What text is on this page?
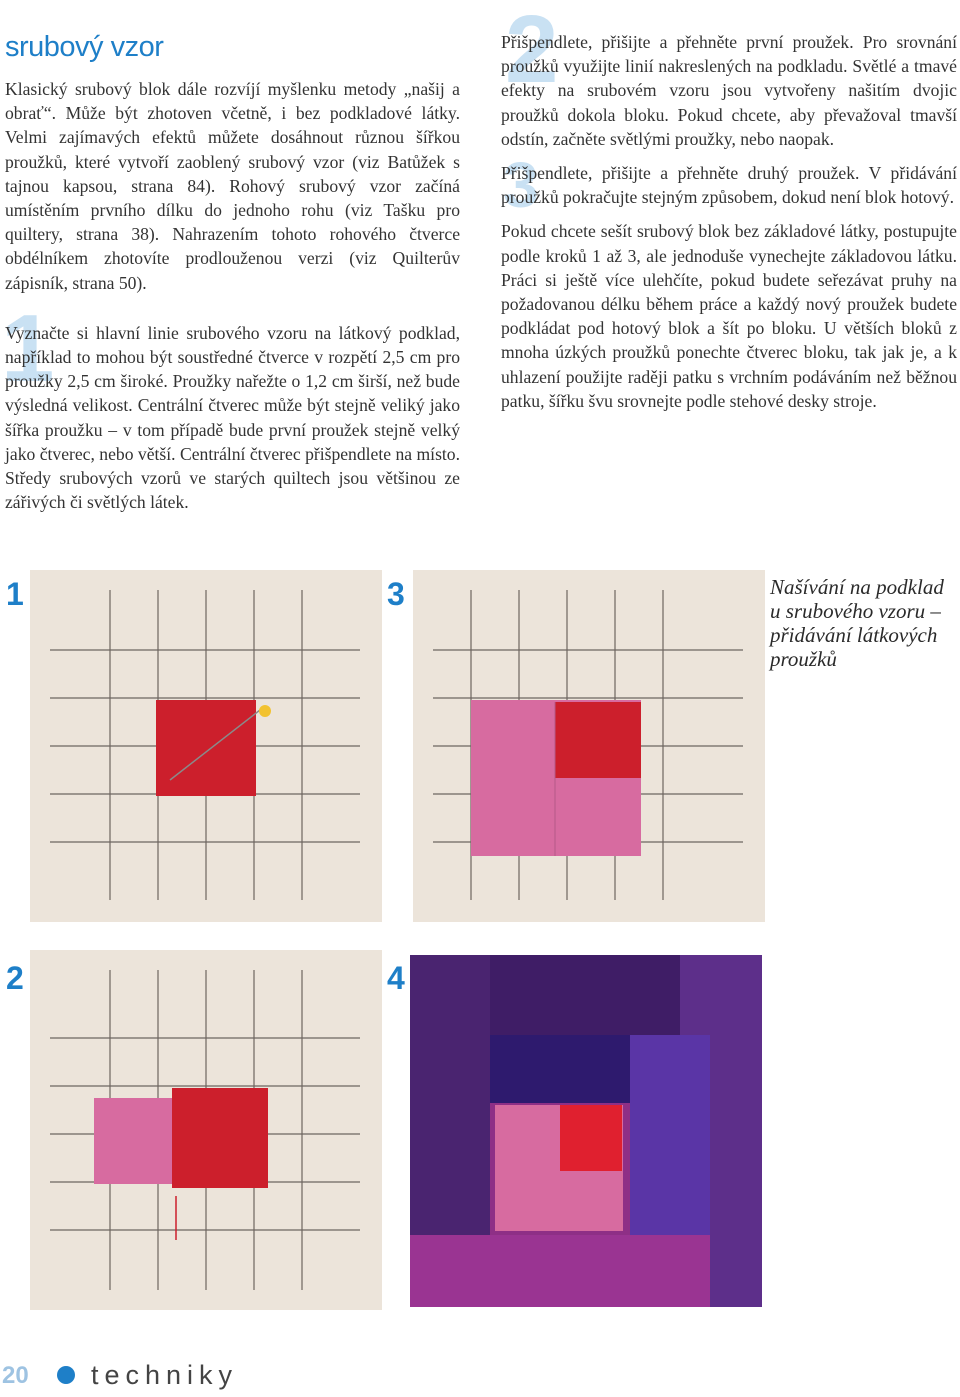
srubový vzor

Klasický srubový blok dále rozvíjí myšlenku metody „našij a obrať“. Může být zhotoven včetně, i bez podkladové látky. Velmi zajímavých efektů můžete dosáhnout různou šířkou proužků, které vytvoří zaoblený srubový vzor (viz Batůžek s tajnou kapsou, strana 84). Rohový srubový vzor začíná umístěním prvního dílku do jednoho rohu (viz Tašku pro quiltery, strana 38). Nahrazením tohoto rohového čtverce obdélníkem zhotovíte prodlouženou verzi (viz Quilterův zápisník, strana 50).

1

Vyznačte si hlavní linie srubového vzoru na látkový podklad, například to mohou být soustředné čtverce v rozpětí 2,5 cm pro proužky 2,5 cm široké. Proužky nařežte o 1,2 cm širší, než bude výsledná velikost. Centrální čtverec může být stejně veliký jako šířka proužku – v tom případě bude první proužek stejně velký jako čtverec, nebo větší. Centrální čtverec přišpendlete na místo. Středy srubových vzorů ve starých quiltech jsou většinou ze zářivých či světlých látek.

2

Přišpendlete, přišijte a přehněte první proužek. Pro srovnání proužků využijte linií nakreslených na podkladu. Světlé a tmavé efekty na srubovém vzoru jsou vytvořeny našitím dvojic proužků dokola bloku. Pokud chcete, aby převažoval tmavší odstín, začněte světlými proužky, nebo naopak.

3

Přišpendlete, přišijte a přehněte druhý proužek. V přidávání proužků pokračujte stejným způsobem, dokud není blok hotový.

Pokud chcete sešít srubový blok bez základové látky, postupujte podle kroků 1 až 3, ale jednoduše vynechejte základovou látku. Práci si ještě více ulehčíte, pokud budete seřezávat pruhy na požadovanou délku během práce a každý nový proužek budete podkládat pod hotový blok a šít po bloku. U větších bloků z mnoha úzkých proužků ponechte čtverec bloku, tak jak je, a k uhlazení použijte raději patku s vrchním podáváním než běžnou patku, šířku švu srovnejte podle stehové desky stroje.

1
2
3
4
Našívání na podklad u srubového vzoru – přidávání látkových proužků
20 techniky
